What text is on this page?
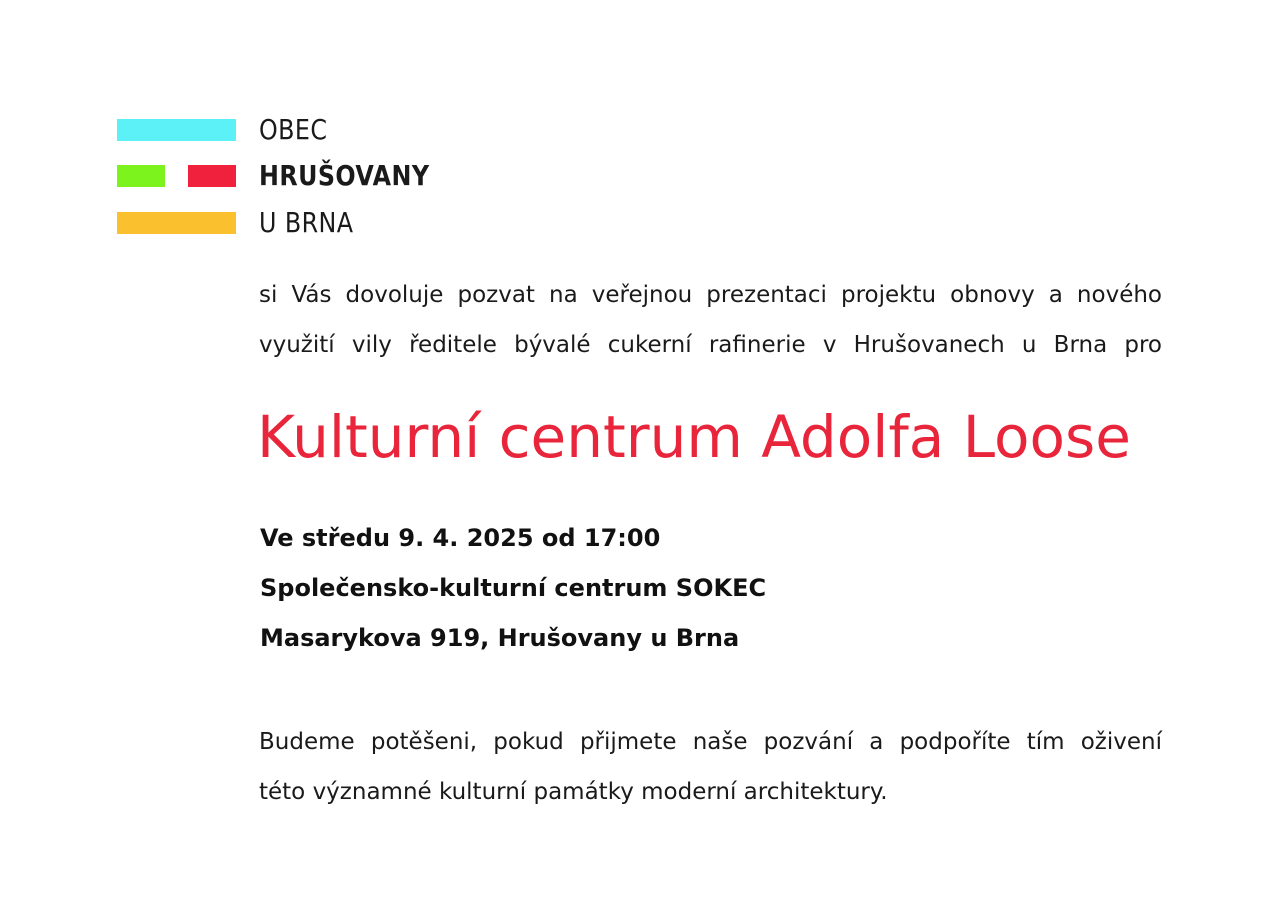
OBEC
HRUŠOVANY
U BRNA

si Vás dovoluje pozvat na veřejnou prezentaci projektu obnovy a nového

využití vily ředitele bývalé cukerní rafinerie v Hrušovanech u Brna pro

Kulturní centrum Adolfa Loose
Ve středu 9. 4. 2025 od 17:00
Společensko-kulturní centrum SOKEC
Masarykova 919, Hrušovany u Brna

Budeme potěšeni, pokud přijmete naše pozvání a podpoříte tím oživení

této významné kulturní památky moderní architektury.
